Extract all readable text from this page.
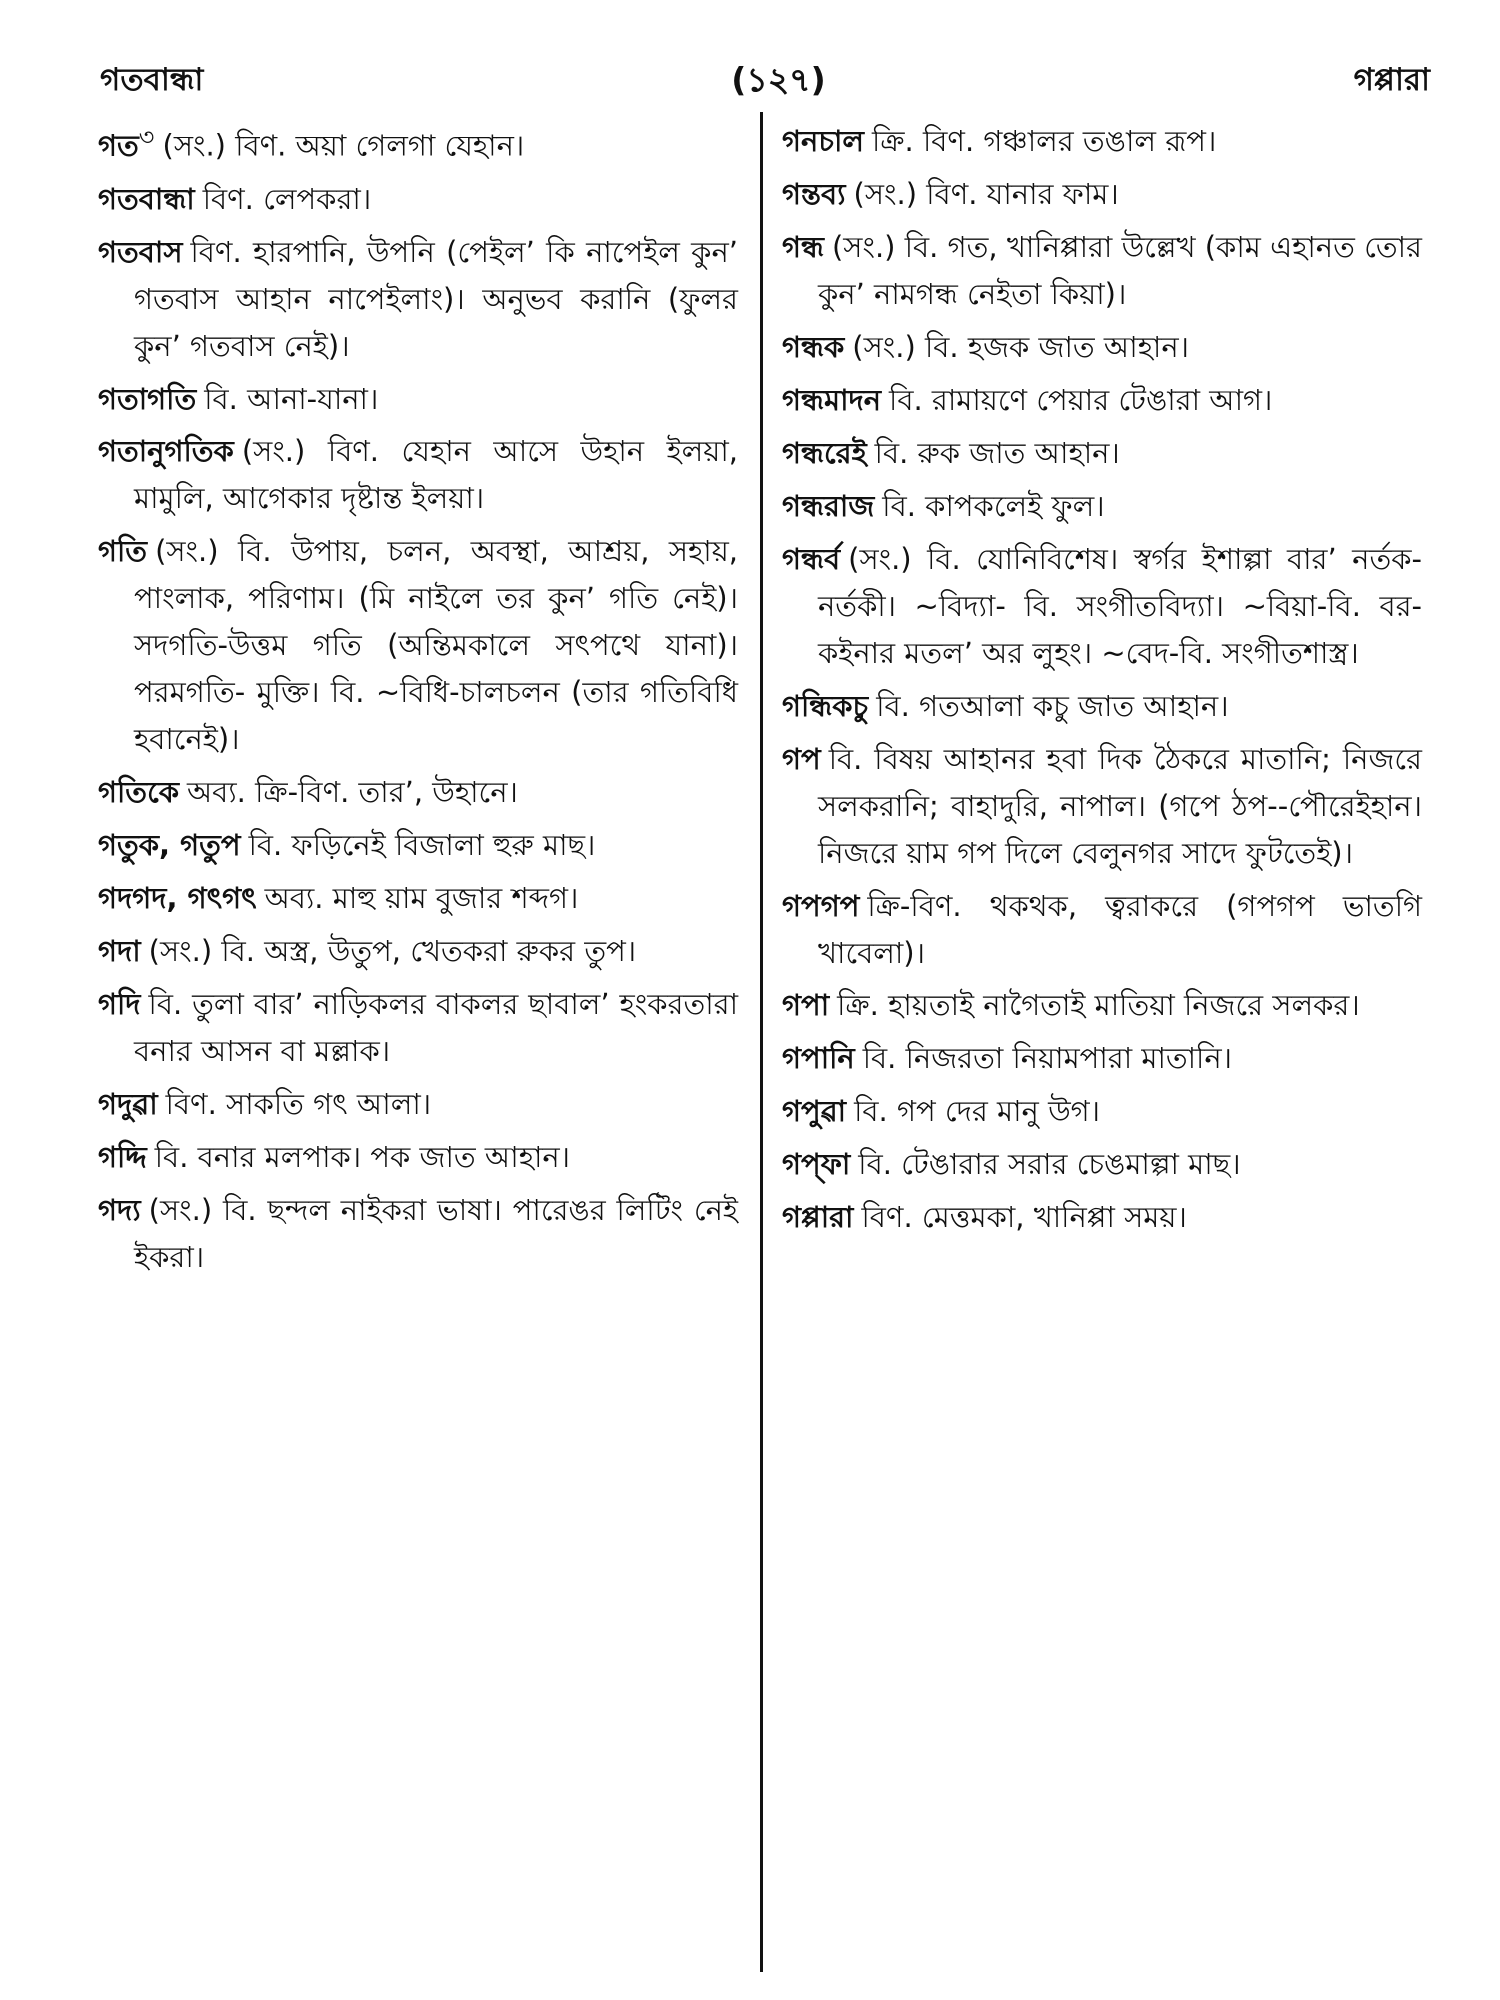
গতবান্ধা	(১২৭)	গপ্পারা

গত$^৩$ (সং.) বিণ. অয়া গেলগা যেহান।

গতবান্ধা বিণ. লেপকরা।

গতবাস বিণ. হারপানি, উপনি (পেইল’ কি নাপেইল কুন’ গতবাস আহান নাপেইলাং)। অনুভব করানি (ফুলর কুন’ গতবাস নেই)।

গতাগতি বি. আনা-যানা।

গতানুগতিক (সং.) বিণ. যেহান আসে উহান ইলয়া, মামুলি, আগেকার দৃষ্টান্ত ইলয়া।

গতি (সং.) বি. উপায়, চলন, অবস্থা, আশ্রয়, সহায়, পাংলাক, পরিণাম। (মি নাইলে তর কুন’ গতি নেই)। সদগতি-উত্তম গতি (অন্তিমকালে সৎপথে যানা)। পরমগতি- মুক্তি। বি. ~বিধি-চালচলন (তার গতিবিধি হবানেই)।

গতিকে অব্য. ক্রি-বিণ. তার’, উহানে।

গতুক, গতুপ বি. ফড়িনেই বিজালা হুরু মাছ।

গদগদ, গৎগৎ অব্য. মাহু য়াম বুজার শব্দগ।

গদা (সং.) বি. অস্ত্র, উতুপ, খেতকরা রুকর তুপ।

গদি বি. তুলা বার’ নাড়িকলর বাকলর ছাবাল’ হংকরতারা বনার আসন বা মল্লাক।

গদুৱা বিণ. সাকতি গৎ আলা।

গদ্দি বি. বনার মলপাক। পক জাত আহান।

গদ্য (সং.) বি. ছন্দল নাইকরা ভাষা। পারেঙর লিটিং নেই ইকরা।

গনচাল ক্রি. বিণ. গঞ্চালর তঙাল রূপ।

গন্তব্য (সং.) বিণ. যানার ফাম।

গন্ধ (সং.) বি. গত, খানিপ্পারা উল্লেখ (কাম এহানত তোর কুন’ নামগন্ধ নেইতা কিয়া)।

গন্ধক (সং.) বি. হজক জাত আহান।

গন্ধমাদন বি. রামায়ণে পেয়ার টেঙারা আগ।

গন্ধরেই বি. রুক জাত আহান।

গন্ধরাজ বি. কাপকলেই ফুল।

গন্ধর্ব (সং.) বি. যোনিবিশেষ। স্বর্গর ইশাল্পা বার’ নর্তক-নর্তকী। ~বিদ্যা- বি. সংগীতবিদ্যা। ~বিয়া-বি. বর-কইনার মতল’ অর লুহং। ~বেদ-বি. সংগীতশাস্ত্র।

গন্ধিকচু বি. গতআলা কচু জাত আহান।

গপ বি. বিষয় আহানর হবা দিক ঠৈকরে মাতানি; নিজরে সলকরানি; বাহাদুরি, নাপাল। (গপে ঠপ--পৌরেইহান। নিজরে য়াম গপ দিলে বেলুনগর সাদে ফুটতেই)।

গপগপ ক্রি-বিণ. থকথক, ত্বরাকরে (গপগপ ভাতগি খাবেলা)।

গপা ক্রি. হায়তাই নাগৈতাই মাতিয়া নিজরে সলকর।

গপানি বি. নিজরতা নিয়ামপারা মাতানি।

গপুৱা বি. গপ দের মানু উগ।

গপ্ফা বি. টেঙারার সরার চেঙমাল্পা মাছ।

গপ্পারা বিণ. মেত্তমকা, খানিপ্পা সময়।
